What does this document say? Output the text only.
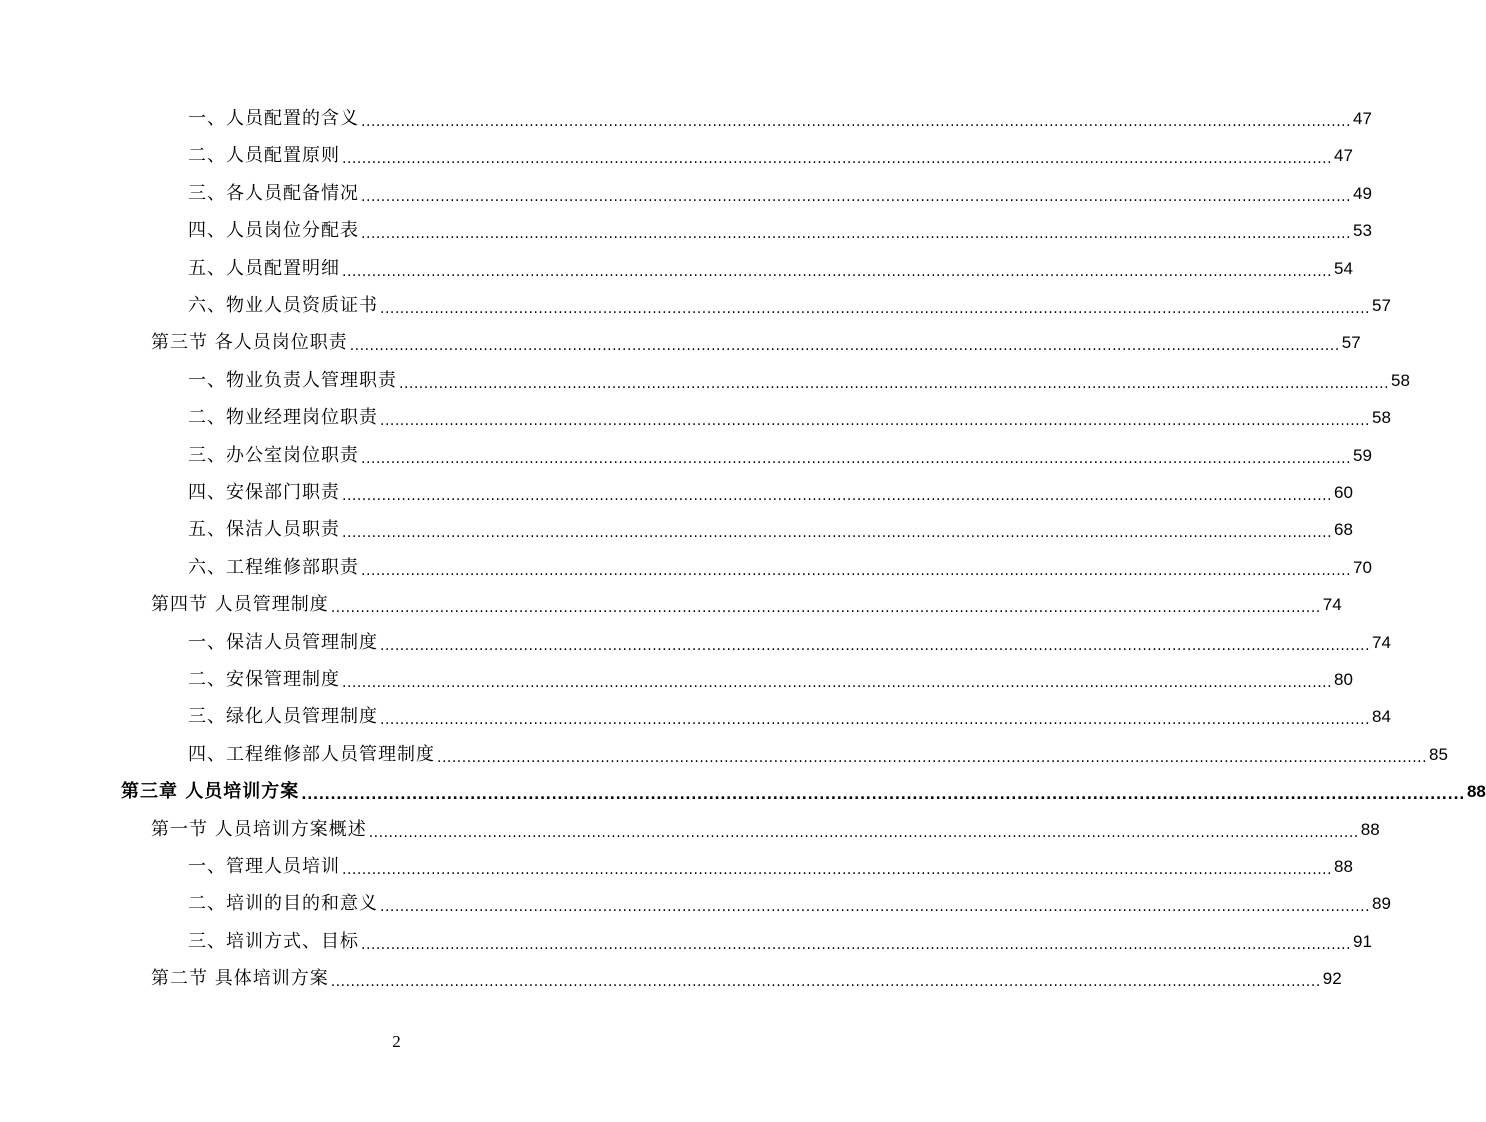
一、人员配置的含义 ........................................................................................................................................................................................................ 47
二、人员配置原则 ........................................................................................................................................................................................................ 47
三、各人员配备情况 ........................................................................................................................................................................................................ 49
四、人员岗位分配表 ........................................................................................................................................................................................................ 53
五、人员配置明细 ........................................................................................................................................................................................................ 54
六、物业人员资质证书 ........................................................................................................................................................................................................ 57
第三节 各人员岗位职责 ........................................................................................................................................................................................................ 57
一、物业负责人管理职责 ........................................................................................................................................................................................................ 58
二、物业经理岗位职责 ........................................................................................................................................................................................................ 58
三、办公室岗位职责 ........................................................................................................................................................................................................ 59
四、安保部门职责 ........................................................................................................................................................................................................ 60
五、保洁人员职责 ........................................................................................................................................................................................................ 68
六、工程维修部职责 ........................................................................................................................................................................................................ 70
第四节 人员管理制度 ........................................................................................................................................................................................................ 74
一、保洁人员管理制度 ........................................................................................................................................................................................................ 74
二、安保管理制度 ........................................................................................................................................................................................................ 80
三、绿化人员管理制度 ........................................................................................................................................................................................................ 84
四、工程维修部人员管理制度 ........................................................................................................................................................................................................ 85
第三章 人员培训方案 ........................................................................................................................................................................................................ 88
第一节 人员培训方案概述 ........................................................................................................................................................................................................ 88
一、管理人员培训 ........................................................................................................................................................................................................ 88
二、培训的目的和意义 ........................................................................................................................................................................................................ 89
三、培训方式、目标 ........................................................................................................................................................................................................ 91
第二节 具体培训方案 ........................................................................................................................................................................................................ 92
2
